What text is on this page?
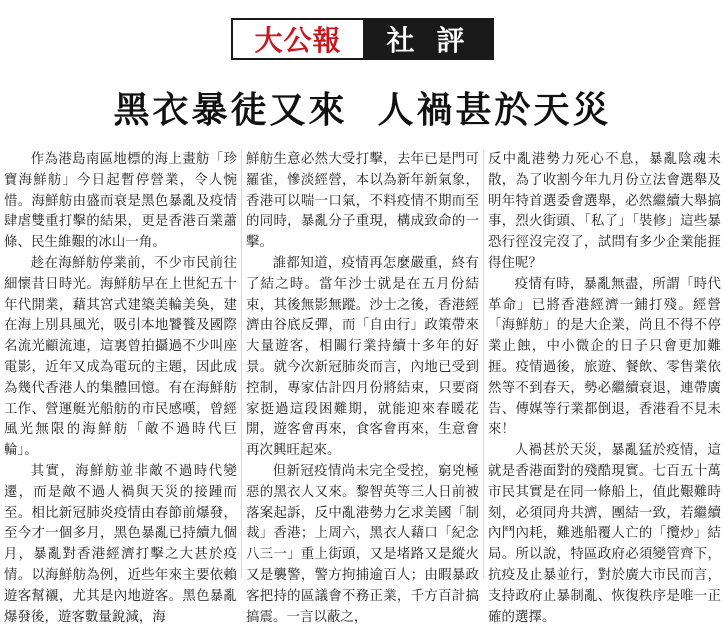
大公報	社評
黑衣暴徒又來 人禍甚於天災

作為港島南區地標的海上畫舫「珍寶海鮮舫」今日起暫停營業，令人惋惜。海鮮舫由盛而衰是黑色暴亂及疫情肆虐雙重打擊的結果，更是香港百業蕭條、民生維艱的冰山一角。

趁在海鮮舫停業前，不少市民前往細懷昔日時光。海鮮舫早在上世紀五十年代開業，藉其宮式建築美輪美奐，建在海上別具風光，吸引本地饕餮及國際名流光顧流連，這裏曾拍攝過不少叫座電影，近年又成為電玩的主題，因此成為幾代香港人的集體回憶。有在海鮮舫工作、營運艇光船舫的市民感嘆，曾經風光無限的海鮮舫「敵不過時代巨輪」。

其實，海鮮舫並非敵不過時代變遷，而是敵不過人禍與天災的接踵而至。相比新冠肺炎疫情由春節前爆發，至今才一個多月，黑色暴亂已持續九個月，暴亂對香港經濟打擊之大甚於疫情。以海鮮舫為例，近些年來主要依賴遊客幫襯，尤其是內地遊客。黑色暴亂爆發後，遊客數量銳減，海

鮮舫生意必然大受打擊，去年已是門可羅雀，慘淡經營，本以為新年新氣象，香港可以喘一口氣，不料疫情不期而至的同時，暴亂分子重現，構成致命的一擊。

誰都知道，疫情再怎麼嚴重，終有了結之時。當年沙士就是在五月份結束，其後無影無蹤。沙士之後，香港經濟由谷底反彈，而「自由行」政策帶來大量遊客，相關行業持續十多年的好景。就今次新冠肺炎而言，內地已受到控制，專家估計四月份將結束，只要商家挺過這段困難期，就能迎來春暖花開，遊客會再來，食客會再來，生意會再次興旺起來。

但新冠疫情尚未完全受控，窮兇極惡的黑衣人又來。黎智英等三人日前被落案起訴，反中亂港勢力乞求美國「制裁」香港；上周六，黑衣人藉口「紀念八三一」重上街頭，又是堵路又是縱火又是襲警，警方拘捕逾百人；由暇暴政客把持的區議會不務正業，千方百計搞搞震。一言以蔽之，

反中亂港勢力死心不息，暴亂陰魂未散，為了收割今年九月份立法會選舉及明年特首選委會選舉，必然繼續大舉搞事，烈火街頭、「私了」「裝修」這些暴恐行徑沒完沒了，試問有多少企業能捱得住呢？

疫情有時，暴亂無盡，所謂「時代革命」已將香港經濟一鋪打殘。經營「海鮮舫」的是大企業，尚且不得不停業止蝕，中小微企的日子只會更加難捱。疫情過後，旅遊、餐飲、零售業依然等不到春天，勢必繼續衰退，連帶廣告、傳媒等行業都倒退，香港看不見未來！

人禍甚於天災，暴亂猛於疫情，這就是香港面對的殘酷現實。七百五十萬市民其實是在同一條船上，值此艱難時刻，必須同舟共濟，團結一致，若繼續內鬥內耗，難逃船覆人亡的「攬炒」結局。所以說，特區政府必須變管齊下，抗疫及止暴並行，對於廣大市民而言，支持政府止暴制亂、恢復秩序是唯一正確的選擇。
